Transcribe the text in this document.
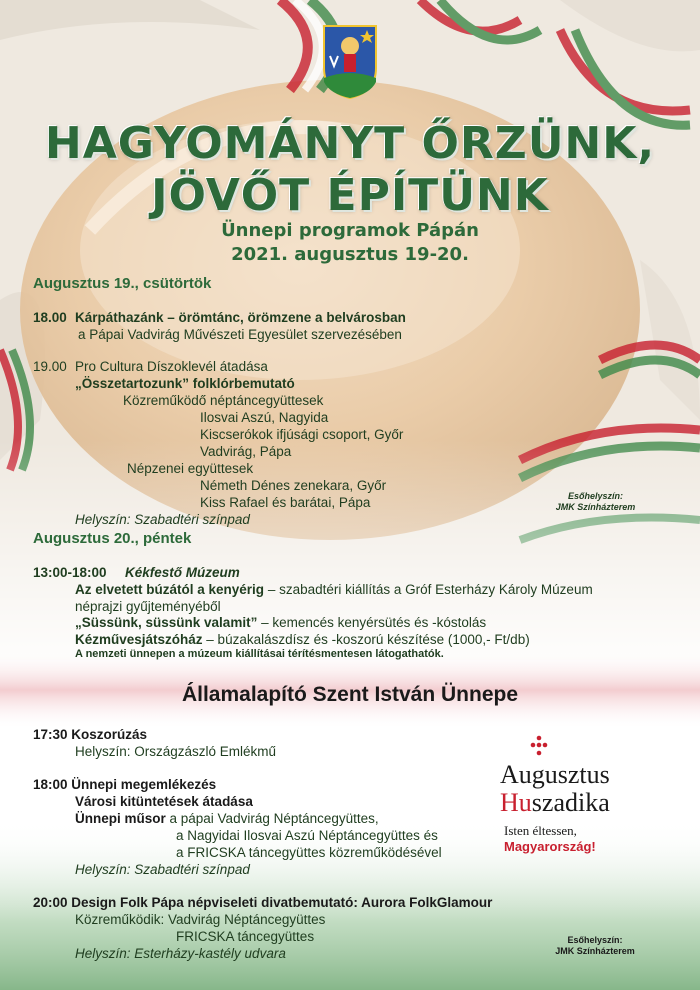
HAGYOMÁNYT ŐRZÜNK,
JÖVŐT ÉPÍTÜNK
Ünnepi programok Pápán
2021. augusztus 19-20.
Augusztus 19., csütörtök
18.00 Kárpáthazánk – örömtánc, örömzene a belvárosban
a Pápai Vadvirág Művészeti Egyesület szervezésében
19.00 Pro Cultura Díszoklevél átadása
„Összetartozunk” folklórbemutató
Közreműködő néptáncegyüttesek
Ilosvai Aszú, Nagyida
Kiscserókok ifjúsági csoport, Győr
Vadvirág, Pápa
Népzenei együttesek
Németh Dénes zenekara, Győr
Kiss Rafael és barátai, Pápa
Helyszín: Szabadtéri színpad
Esőhelyszín:
JMK Színházterem
Augusztus 20., péntek
13:00-18:00 Kékfestő Múzeum
Az elvetett búzától a kenyérig – szabadtéri kiállítás a Gróf Esterházy Károly Múzeum
néprajzi gyűjteményéből
„Süssünk, süssünk valamit” – kemencés kenyérsütés és -kóstolás
Kézművesjátszóház – búzakalászdísz és -koszorú készítése (1000,- Ft/db)
A nemzeti ünnepen a múzeum kiállításai térítésmentesen látogathatók.
Államalapító Szent István Ünnepe
17:30 Koszorúzás
Helyszín: Országzászló Emlékmű
18:00 Ünnepi megemlékezés
Városi kitüntetések átadása
Ünnepi műsor a pápai Vadvirág Néptáncegyüttes,
a Nagyidai Ilosvai Aszú Néptáncegyüttes és
a FRICSKA táncegyüttes közreműködésével
Helyszín: Szabadtéri színpad
20:00 Design Folk Pápa népviseleti divatbemutató: Aurora FolkGlamour
Közreműködik: Vadvirág Néptáncegyüttes
FRICSKA táncegyüttes
Helyszín: Esterházy-kastély udvara
Esőhelyszín:
JMK Színházterem
Augusztus
Huszadika
Isten éltessen,
Magyarország!
